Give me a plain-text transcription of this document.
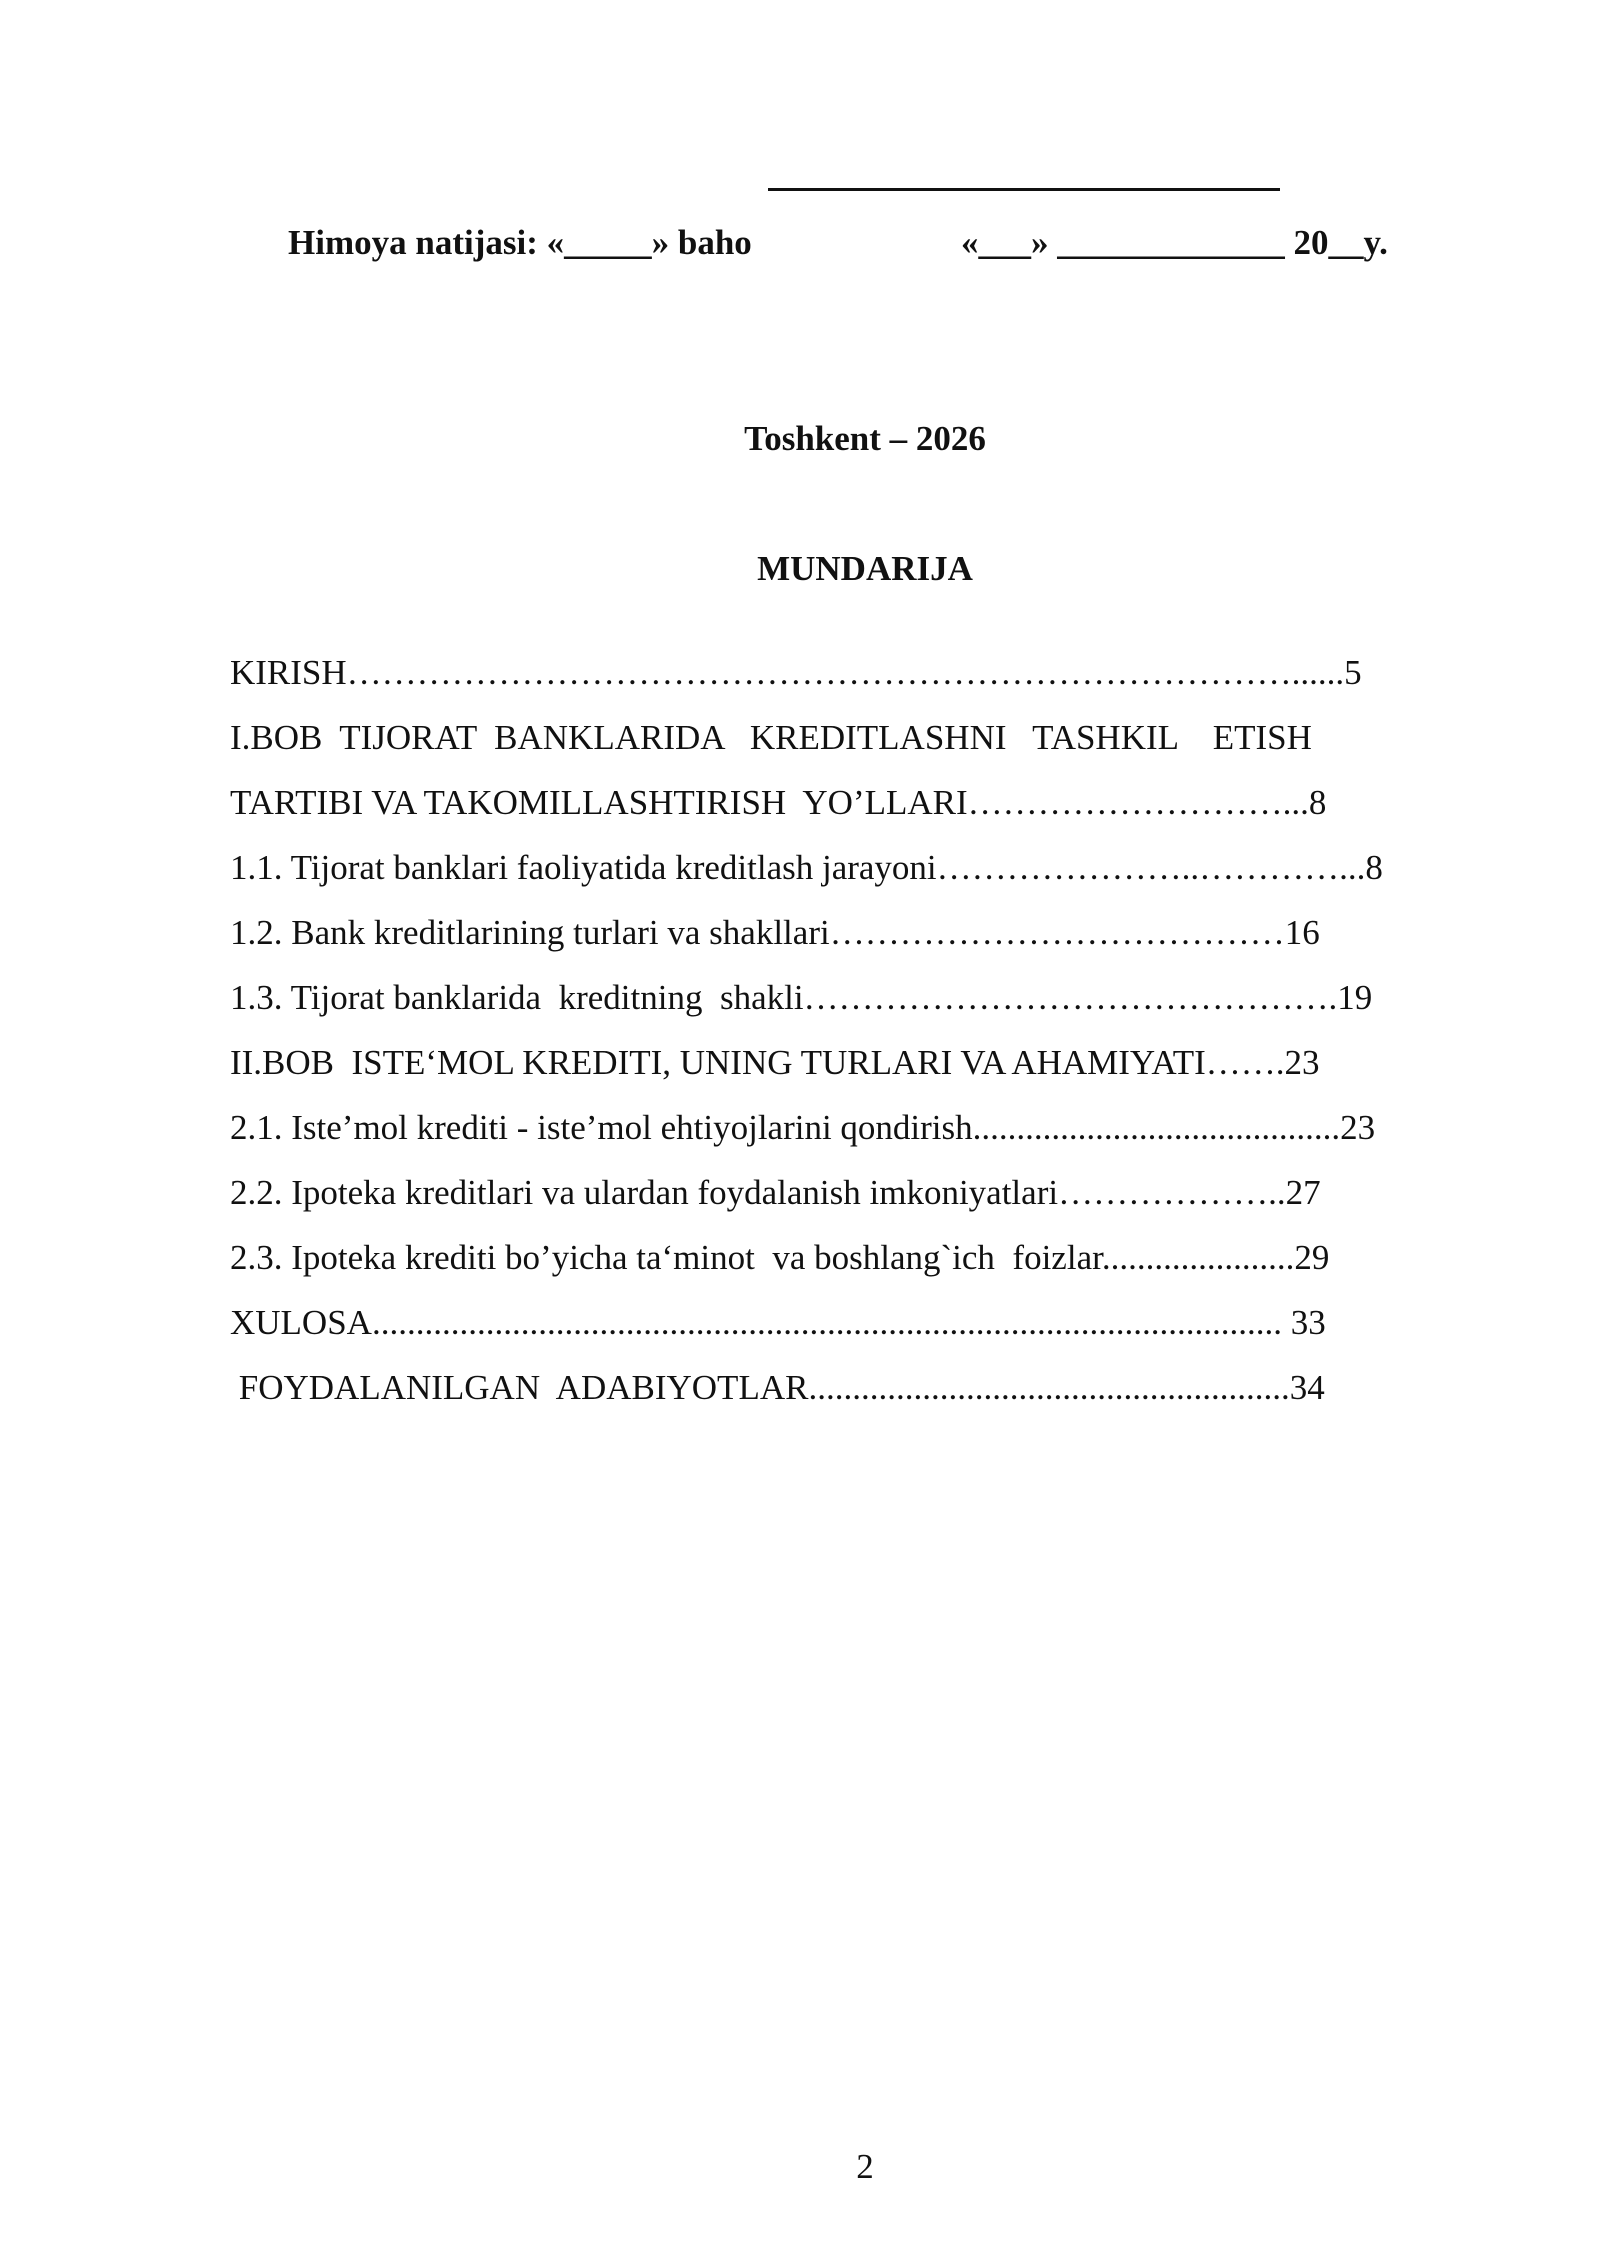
Himoya natijasi: «_____» baho	«___» _____________ 20__y.
Toshkent – 2026
MUNDARIJA
KIRISH………………………………………………………………………......5
I.BOB  TIJORAT  BANKLARIDA   KREDITLASHNI   TASHKIL    ETISH
TARTIBI VA TAKOMILLASHTIRISH  YO’LLARI………………………...8
1.1. Tijorat banklari faoliyatida kreditlash jarayoni…………………..…………...8
1.2. Bank kreditlarining turlari va shakllari…………………………………16
1.3. Tijorat banklarida  kreditning  shakli……………………………………….19
II.BOB  ISTE‘MOL KREDITI, UNING TURLARI VA AHAMIYATI…….23
2.1. Iste’mol krediti - iste’mol ehtiyojlarini qondirish..........................................23
2.2. Ipoteka kreditlari va ulardan foydalanish imkoniyatlari………………..27
2.3. Ipoteka krediti bo’yicha ta‘minot  va boshlang`ich  foizlar......................29
XULOSA........................................................................................................ 33
FOYDALANILGAN  ADABIYOTLAR.......................................................34
2
